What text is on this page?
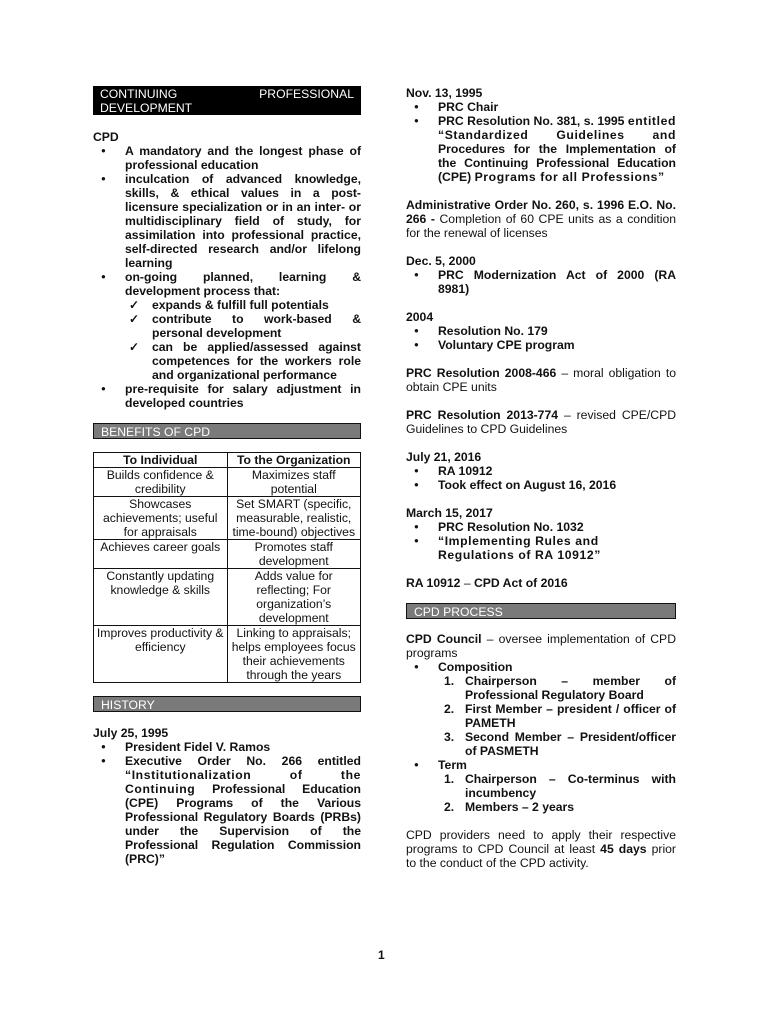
CONTINUING	PROFESSIONAL
DEVELOPMENT
CPD
● A mandatory and the longest phase of professional education
● inculcation of advanced knowledge, skills, & ethical values in a post-licensure specialization or in an inter- or multidisciplinary field of study, for assimilation into professional practice, self-directed research and/or lifelong learning
● on-going planned, learning & development process that:
✓ expands & fulfill full potentials
✓ contribute to work-based & personal development
✓ can be applied/assessed against competences for the workers role and organizational performance
● pre-requisite for salary adjustment in developed countries
BENEFITS OF CPD
To Individual	To the Organization
Builds confidence & credibility	Maximizes staff potential
Showcases achievements; useful for appraisals	Set SMART (specific, measurable, realistic, time-bound) objectives
Achieves career goals	Promotes staff development
Constantly updating knowledge & skills	Adds value for reflecting; For organization’s development
Improves productivity & efficiency	Linking to appraisals; helps employees focus their achievements through the years
HISTORY
July 25, 1995
● President Fidel V. Ramos
● Executive Order No. 266 entitled “Institutionalization of the Continuing Professional Education (CPE) Programs of the Various Professional Regulatory Boards (PRBs) under the Supervision of the Professional Regulation Commission (PRC)”
Nov. 13, 1995
● PRC Chair
● PRC Resolution No. 381, s. 1995 entitled “Standardized Guidelines and Procedures for the Implementation of the Continuing Professional Education (CPE) Programs for all Professions”
Administrative Order No. 260, s. 1996 E.O. No. 266 - Completion of 60 CPE units as a condition for the renewal of licenses
Dec. 5, 2000
● PRC Modernization Act of 2000 (RA 8981)
2004
● Resolution No. 179
● Voluntary CPE program
PRC Resolution 2008-466 – moral obligation to obtain CPE units
PRC Resolution 2013-774 – revised CPE/CPD Guidelines to CPD Guidelines
July 21, 2016
● RA 10912
● Took effect on August 16, 2016
March 15, 2017
● PRC Resolution No. 1032
● “Implementing Rules and Regulations of RA 10912”
RA 10912 – CPD Act of 2016
CPD PROCESS
CPD Council – oversee implementation of CPD programs
● Composition
1. Chairperson – member of Professional Regulatory Board
2. First Member – president / officer of PAMETH
3. Second Member – President/officer of PASMETH
● Term
1. Chairperson – Co-terminus with incumbency
2. Members – 2 years
CPD providers need to apply their respective programs to CPD Council at least 45 days prior to the conduct of the CPD activity.
1
